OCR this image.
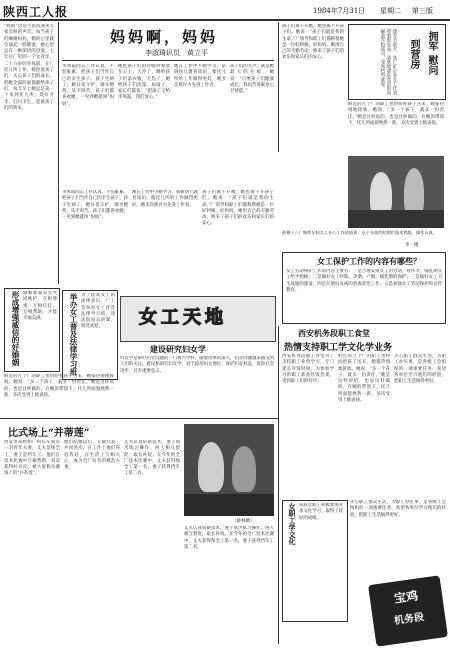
陕西工人报	1984年7月31日 星期二 第三版
“妈妈”这是小蓓蓓遇见大家会叫的声音。每当孩子们喊她妈妈，她的心里就会涌起一股暖流，她心里总有一种深切的母爱。七年后厂里的一个女青年，二十六岁的李凤霞，在厂托儿所工作。她热爱孩子们，关心孩子们的成长，把她全部的爱都献给孩子们。每天早上她总是第一个来到托儿所，烧好开水，打扫卫生，迎接孩子们的到来。
妈妈啊，妈妈
李淑琦识员　黄立平
李凤霞同志工作认真，不怕脏累，把孩子们当作自己的亲生孩子。孩子生病了，她日夜守护，端水喂药，从不叫苦。孩子们都喜欢她，一见到她就叫“妈妈”。
她把孩子们的冷暖时刻放在心上。天冷了，她给孩子们添衣服；天热了，她给孩子们洗澡、扇扇子。家长们都说：“把孩子交给李凤霞，我们放心。”
她在工作中不断学习，钻研幼儿教育知识，使托儿所的工作做得更好。她多次被评为先进工作者。
孩子们的笑声，就是她最大的幸福。她说：“只要孩子们健康成长，我再苦再累也心甘情愿。”
孩子们离不开她，她也离不开孩子们。她说：“孩子们就是我的生命。”厂领导和职工们都称赞她是一位好阿姨、好妈妈。她用自己的辛勤劳动，换来了孩子们的欢乐和家长们的安心。	建军节前夕，各厂矿企业女工代表带着慰问品，到驻地部队营房慰问解放军指战员，受到热烈欢迎。	拥军
慰问
到营房
附近的几个厂的职工也纷纷把孩子送来，她都热情地接收。她说：“多一个孩子，就多一份责任。”她是这样说的，也是这样做的。在她的带领下，托儿所面貌焕然一新，多次受到上级表扬。
陕棉十八厂细纱车间女工专心工作的情景。这个车间的姑娘们技术熟练，操作认真。
李　摄
女工保护工作的内容有哪些？
女工劳动保护工作的内容主要有：一是合理安排女工的劳动，对怀孕、哺乳期女工给予照顾；二是做好女工经期、孕期、产期、哺乳期的保护；三是搞好女工卫生设施的建设；四是开展妇女病的普查普治工作；五是加强女工劳动保护的宣传教育。
形成增强威信的好婚姻 婚姻要靠双方共同维护，互相尊重，互相信任，互相帮助，才能幸福美满。
李凤霞同志工作认真，不怕脏累，把孩子们当作自己的亲生孩子。孩子生病了，她日夜守护，端水喂药，从不叫苦。孩子们都喜欢她，一见到她就叫“妈妈”。
她在工作中不断学习，钻研幼儿教育知识，使托儿所的工作做得更好。她多次被评为先进工作者。
孩子们离不开她，她也离不开孩子们。她说：“孩子们就是我的生命。”厂领导和职工们都称赞她是一位好阿姨、好妈妈。她用自己的辛勤劳动，换来了孩子们的欢乐和家长们的安心。
举办女工普及法律学习班 为了提高女工的法律意识，厂工会举办女工普及法律学习班，请法院同志讲课，很受欢迎。	女工天地
建设研究妇女学
妇女学是研究妇女问题的一门新兴学科。随着改革的深入，妇女问题越来越受到人们的关注。建设和研究妇女学，对于提高妇女地位，保护妇女权益，促进社会进步，具有重要意义。
附近的几个厂的职工也纷纷把孩子送来，她都热情地接收。她说：“多一个孩子，就多一份责任。”她是这样说的，也是这样做的。在她的带领下，托儿所面貌焕然一新，多次受到上级表扬。
比式场上“并蒂莲”
西安市某纺织厂织布车间有一对青年夫妻，丈夫是保全工，妻子是挡车工。他们在技术比赛中互相帮助，双双获得好名次，被大家称为赛场上的“并蒂莲”。
他们结婚以后，互敬互爱，共同进步。在工作上他们你追我赶，在生活上互相关心，成为全厂有名的模范夫妻。
丈夫认真钻研技术，妻子刻苦练习操作，两人相互督促，取长补短。在今年的全厂技术比赛中，丈夫获得保全工第一名，妻子获得挡车工第二名。
（蔡林摄）
丈夫认真钻研技术，妻子刻苦练习操作，两人相互督促，取长补短。在今年的全厂技术比赛中，丈夫获得保全工第一名，妻子获得挡车工第二名。
西安机务段职工食堂
热情支持职工学文化学业务
西安机务段职工食堂为了支持职工业余学习，专门延长开饭时间，为参加学习的职工准备热饭热菜，受到职工们的好评。
附近的几个厂的职工也纷纷把孩子送来，她都热情地接收。她说：“多一个孩子，就多一份责任。”她是这样说的，也是这样做的。在她的带领下，托儿所面貌焕然一新，多次受到上级表扬。
关心职工群众生活，为职工办实事，是各级工会组织的一项重要任务。希望各单位学习他们的经验，把职工生活搞得更好。
女职工学文化 该段女职工积极参加业余文化学习，取得了较好的成绩。
关心职工群众生活，为职工办实事，是各级工会组织的一项重要任务。希望各单位学习他们的经验，把职工生活搞得更好。
宝鸡
机务段
